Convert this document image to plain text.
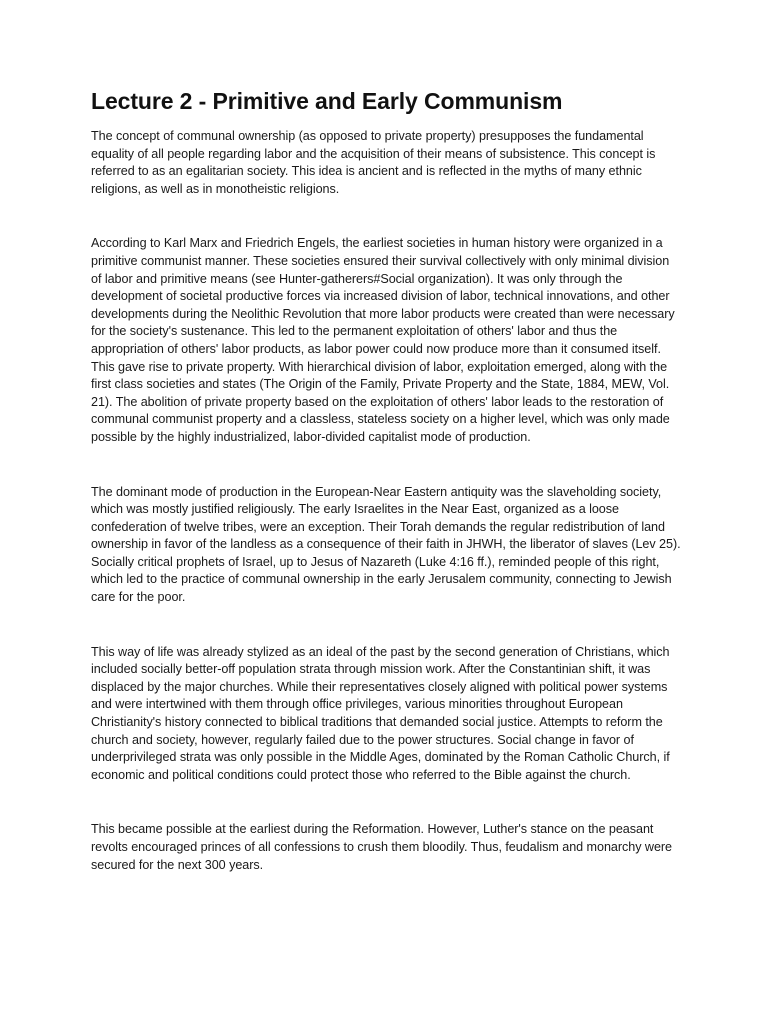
Lecture 2 - Primitive and Early Communism

The concept of communal ownership (as opposed to private property) presupposes the fundamental equality of all people regarding labor and the acquisition of their means of subsistence. This concept is referred to as an egalitarian society. This idea is ancient and is reflected in the myths of many ethnic religions, as well as in monotheistic religions.

According to Karl Marx and Friedrich Engels, the earliest societies in human history were organized in a primitive communist manner. These societies ensured their survival collectively with only minimal division of labor and primitive means (see Hunter-gatherers#Social organization). It was only through the development of societal productive forces via increased division of labor, technical innovations, and other developments during the Neolithic Revolution that more labor products were created than were necessary for the society's sustenance. This led to the permanent exploitation of others' labor and thus the appropriation of others' labor products, as labor power could now produce more than it consumed itself. This gave rise to private property. With hierarchical division of labor, exploitation emerged, along with the first class societies and states (The Origin of the Family, Private Property and the State, 1884, MEW, Vol. 21). The abolition of private property based on the exploitation of others' labor leads to the restoration of communal communist property and a classless, stateless society on a higher level, which was only made possible by the highly industrialized, labor-divided capitalist mode of production.

The dominant mode of production in the European-Near Eastern antiquity was the slaveholding society, which was mostly justified religiously. The early Israelites in the Near East, organized as a loose confederation of twelve tribes, were an exception. Their Torah demands the regular redistribution of land ownership in favor of the landless as a consequence of their faith in JHWH, the liberator of slaves (Lev 25). Socially critical prophets of Israel, up to Jesus of Nazareth (Luke 4:16 ff.), reminded people of this right, which led to the practice of communal ownership in the early Jerusalem community, connecting to Jewish care for the poor.

This way of life was already stylized as an ideal of the past by the second generation of Christians, which included socially better-off population strata through mission work. After the Constantinian shift, it was displaced by the major churches. While their representatives closely aligned with political power systems and were intertwined with them through office privileges, various minorities throughout European Christianity's history connected to biblical traditions that demanded social justice. Attempts to reform the church and society, however, regularly failed due to the power structures. Social change in favor of underprivileged strata was only possible in the Middle Ages, dominated by the Roman Catholic Church, if economic and political conditions could protect those who referred to the Bible against the church.

This became possible at the earliest during the Reformation. However, Luther's stance on the peasant revolts encouraged princes of all confessions to crush them bloodily. Thus, feudalism and monarchy were secured for the next 300 years.
